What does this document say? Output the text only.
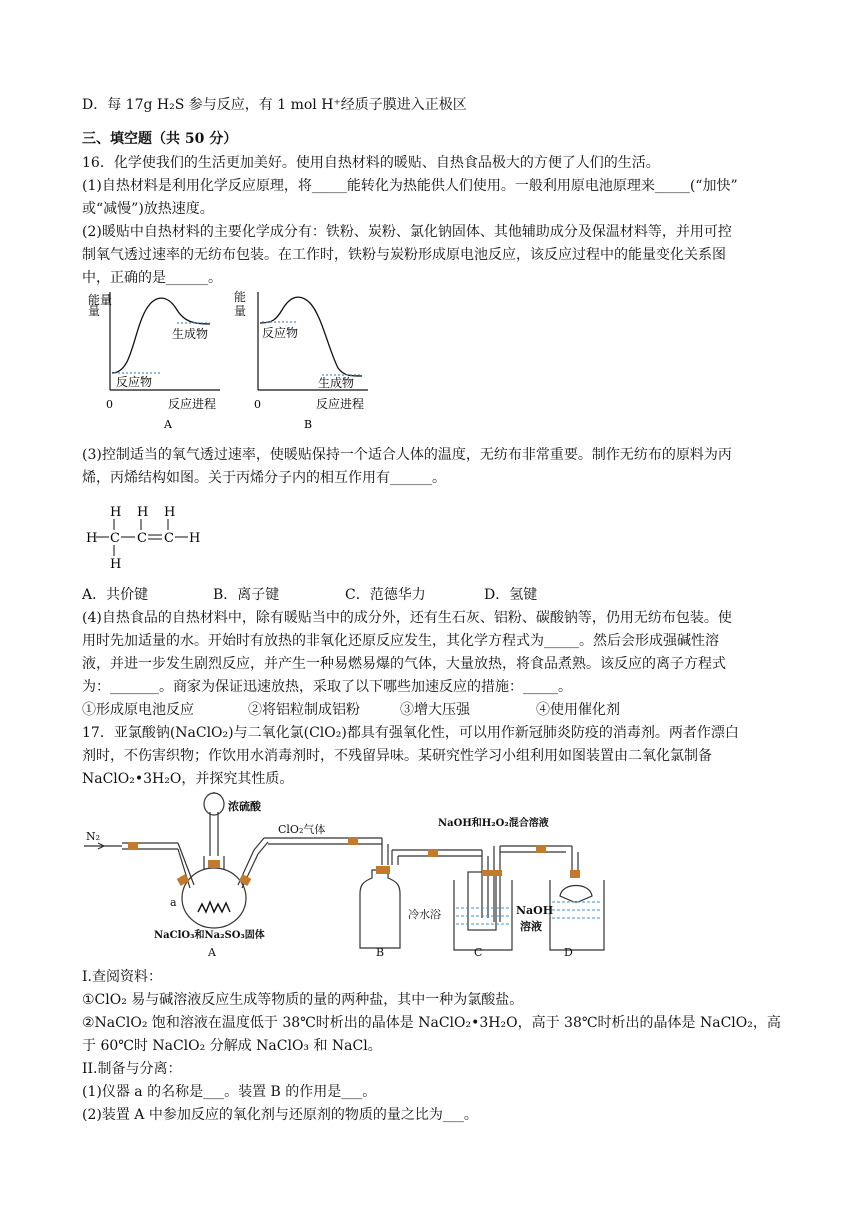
D．每 17g H₂S 参与反应，有 1 mol H⁺经质子膜进入正极区
三、填空题（共 50 分）
16．化学使我们的生活更加美好。使用自热材料的暖贴、自热食品极大的方便了人们的生活。
(1)自热材料是利用化学反应原理，将_____能转化为热能供人们使用。一般利用原电池原理来_____(“加快”
或“减慢”)放热速度。
(2)暖贴中自热材料的主要化学成分有：铁粉、炭粉、氯化钠固体、其他辅助成分及保温材料等，并用可控
制氧气透过速率的无纺布包装。在工作时，铁粉与炭粉形成原电池反应，该反应过程中的能量变化关系图
中，正确的是______。
能量
反应物
生成物
0	反应进程
A
反应物
生成物
0	反应进程
B
量
能
量
(3)控制适当的氧气透过速率，使暖贴保持一个适合人体的温度，无纺布非常重要。制作无纺布的原料为丙
烯，丙烯结构如图。关于丙烯分子内的相互作用有______。
H H H
H C C C H
H
A．共价键	B．离子键	C．范德华力	D．氢键
(4)自热食品的自热材料中，除有暖贴当中的成分外，还有生石灰、铝粉、碳酸钠等，仍用无纺布包装。使
用时先加适量的水。开始时有放热的非氧化还原反应发生，其化学方程式为_____。然后会形成强碱性溶
液，并进一步发生剧烈反应，并产生一种易燃易爆的气体，大量放热，将食品煮熟。该反应的离子方程式
为：_______。商家为保证迅速放热，采取了以下哪些加速反应的措施：_____。
①形成原电池反应	②将铝粒制成铝粉	③增大压强	④使用催化剂
17．亚氯酸钠(NaClO₂)与二氧化氯(ClO₂)都具有强氧化性，可以用作新冠肺炎防疫的消毒剂。两者作漂白
剂时，不伤害织物；作饮用水消毒剂时，不残留异味。某研究性学习小组利用如图装置由二氧化氯制备
NaClO₂•3H₂O，并探究其性质。
N₂
浓硫酸
ClO₂气体	NaOH和H₂O₂混合溶液
a
NaClO₃和Na₂SO₃固体
冷水浴	NaOH
溶液
A	B	C	D
I.查阅资料：
①ClO₂ 易与碱溶液反应生成等物质的量的两种盐，其中一种为氯酸盐。
②NaClO₂ 饱和溶液在温度低于 38℃时析出的晶体是 NaClO₂•3H₂O，高于 38℃时析出的晶体是 NaClO₂，高
于 60℃时 NaClO₂ 分解成 NaClO₃ 和 NaCl。
II.制备与分离：
(1)仪器 a 的名称是___。装置 B 的作用是___。
(2)装置 A 中参加反应的氧化剂与还原剂的物质的量之比为___。
